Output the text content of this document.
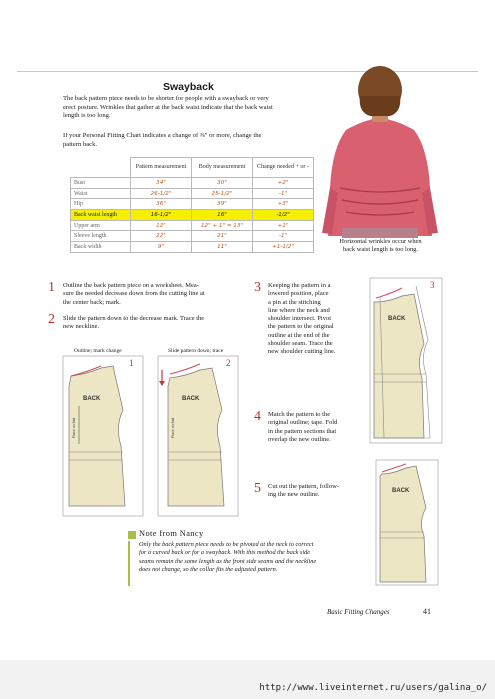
Swayback
The back pattern piece needs to be shorter for people with a swayback or very
erect posture. Wrinkles that gather at the back waist indicate that the back waist
length is too long.
If your Personal Fitting Chart indicates a change of ⅜" or more, change the
pattern back.
	Pattern measurement	Body measurement	Change needed + or -
Bust	34"	30"	+2"
Waist	26-1/2"	25-1/2"	-1"
Hip	36"	39"	+3"
Back waist length	16-1/2"	16"	-1/2"
Upper arm	12"	12" + 1" = 13"	+1"
Sleeve length	22"	21"	-1"
Back width	9"	11"	+1-1/2"
Horizontal wrinkles occur when
back waist length is too long.
1 Outline the back pattern piece on a worksheet. Mea-
sure the needed decrease down from the cutting line at
the center back; mark.
2 Slide the pattern down to the decrease mark. Trace the
new neckline.
Outline; mark change	Slide pattern down; trace
BACK
Place on fold
1
BACK
Place on fold
2
3 Keeping the pattern in a
lowered position, place
a pin at the stitching
line where the neck and
shoulder intersect. Pivot
the pattern to the original
outline at the end of the
shoulder seam. Trace the
new shoulder cutting line.
BACK
3
4 Match the pattern to the
original outline; tape. Fold
in the pattern sections that
overlap the new outline.
5 Cut out the pattern, follow-
ing the new outline.
BACK
Note from Nancy
Only the back pattern piece needs to be pivoted at the neck to correct
for a curved back or for a swayback. With this method the back side
seams remain the same length as the front side seams and the neckline
does not change, so the collar fits the adjusted pattern.
Basic Fitting Changes	41
http://www.liveinternet.ru/users/galina_o/
